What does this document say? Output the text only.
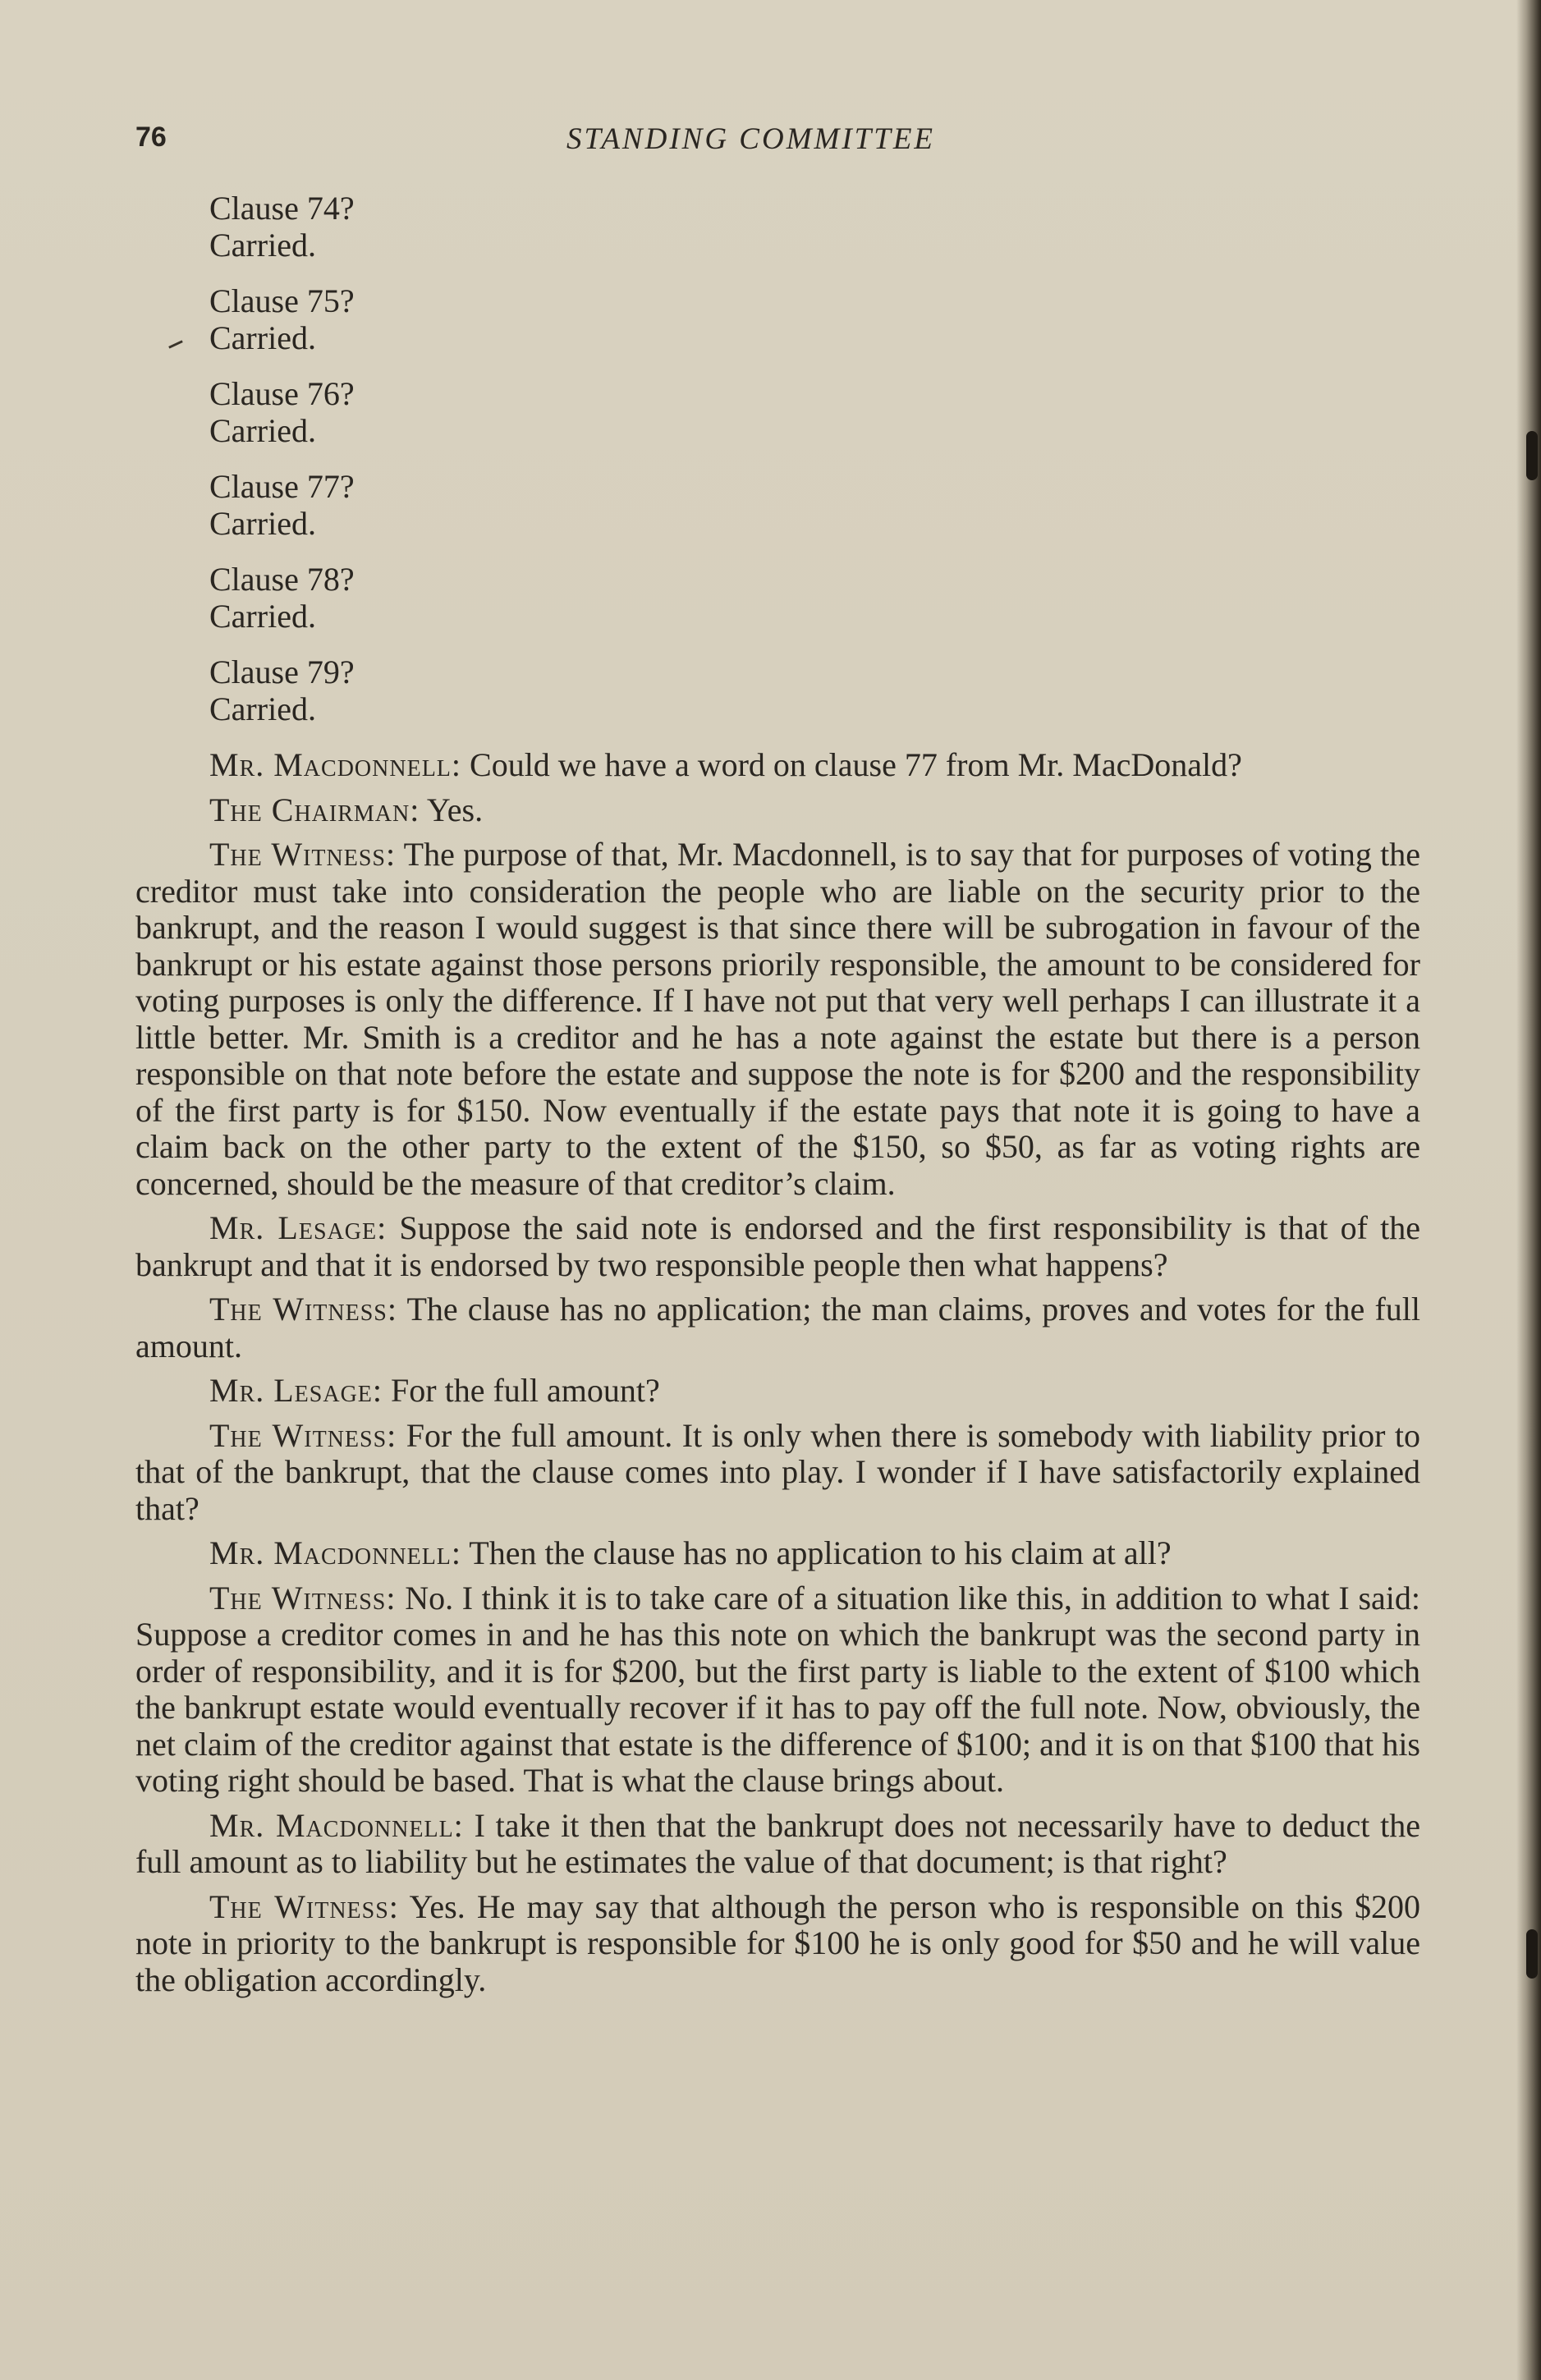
76	STANDING COMMITTEE

Clause 74?

Carried.

Clause 75?

Carried.

Clause 76?

Carried.

Clause 77?

Carried.

Clause 78?

Carried.

Clause 79?

Carried.

Mr. Macdonnell: Could we have a word on clause 77 from Mr. MacDonald?

The Chairman: Yes.

The Witness: The purpose of that, Mr. Macdonnell, is to say that for purposes of voting the creditor must take into consideration the people who are liable on the security prior to the bankrupt, and the reason I would suggest is that since there will be subrogation in favour of the bankrupt or his estate against those persons priorily responsible, the amount to be considered for voting purposes is only the difference. If I have not put that very well perhaps I can illustrate it a little better. Mr. Smith is a creditor and he has a note against the estate but there is a person responsible on that note before the estate and suppose the note is for $200 and the responsibility of the first party is for $150. Now eventually if the estate pays that note it is going to have a claim back on the other party to the extent of the $150, so $50, as far as voting rights are concerned, should be the measure of that creditor’s claim.

Mr. Lesage: Suppose the said note is endorsed and the first responsibility is that of the bankrupt and that it is endorsed by two responsible people then what happens?

The Witness: The clause has no application; the man claims, proves and votes for the full amount.

Mr. Lesage: For the full amount?

The Witness: For the full amount. It is only when there is somebody with liability prior to that of the bankrupt, that the clause comes into play. I wonder if I have satisfactorily explained that?

Mr. Macdonnell: Then the clause has no application to his claim at all?

The Witness: No. I think it is to take care of a situation like this, in addition to what I said: Suppose a creditor comes in and he has this note on which the bankrupt was the second party in order of responsibility, and it is for $200, but the first party is liable to the extent of $100 which the bankrupt estate would eventually recover if it has to pay off the full note. Now, obviously, the net claim of the creditor against that estate is the difference of $100; and it is on that $100 that his voting right should be based. That is what the clause brings about.

Mr. Macdonnell: I take it then that the bankrupt does not necessarily have to deduct the full amount as to liability but he estimates the value of that document; is that right?

The Witness: Yes. He may say that although the person who is responsible on this $200 note in priority to the bankrupt is responsible for $100 he is only good for $50 and he will value the obligation accordingly.
